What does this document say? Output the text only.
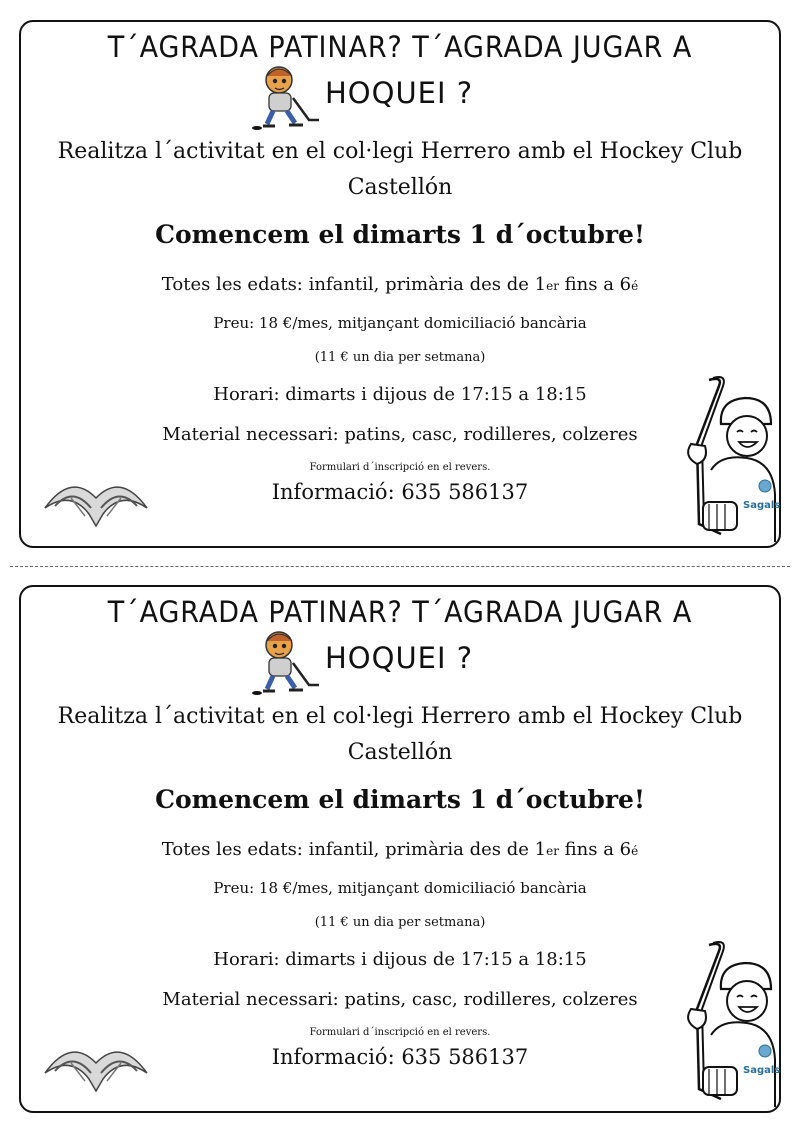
T´AGRADA PATINAR? T´AGRADA JUGAR A
HOQUEI ?
Realitza l´activitat en el col·legi Herrero amb el Hockey Club Castellón
Comencem el dimarts 1 d´octubre!
Totes les edats: infantil, primària des de 1er fins a 6é
Preu: 18 €/mes, mitjançant domiciliació bancària
(11 € un dia per setmana)
Horari: dimarts i dijous de 17:15 a 18:15
Material necessari: patins, casc, rodilleres, colzeres
Formulari d´inscripció en el revers.
Informació: 635 586137
Sagals
T´AGRADA PATINAR? T´AGRADA JUGAR A
HOQUEI ?
Realitza l´activitat en el col·legi Herrero amb el Hockey Club Castellón
Comencem el dimarts 1 d´octubre!
Totes les edats: infantil, primària des de 1er fins a 6é
Preu: 18 €/mes, mitjançant domiciliació bancària
(11 € un dia per setmana)
Horari: dimarts i dijous de 17:15 a 18:15
Material necessari: patins, casc, rodilleres, colzeres
Formulari d´inscripció en el revers.
Informació: 635 586137
Sagals
